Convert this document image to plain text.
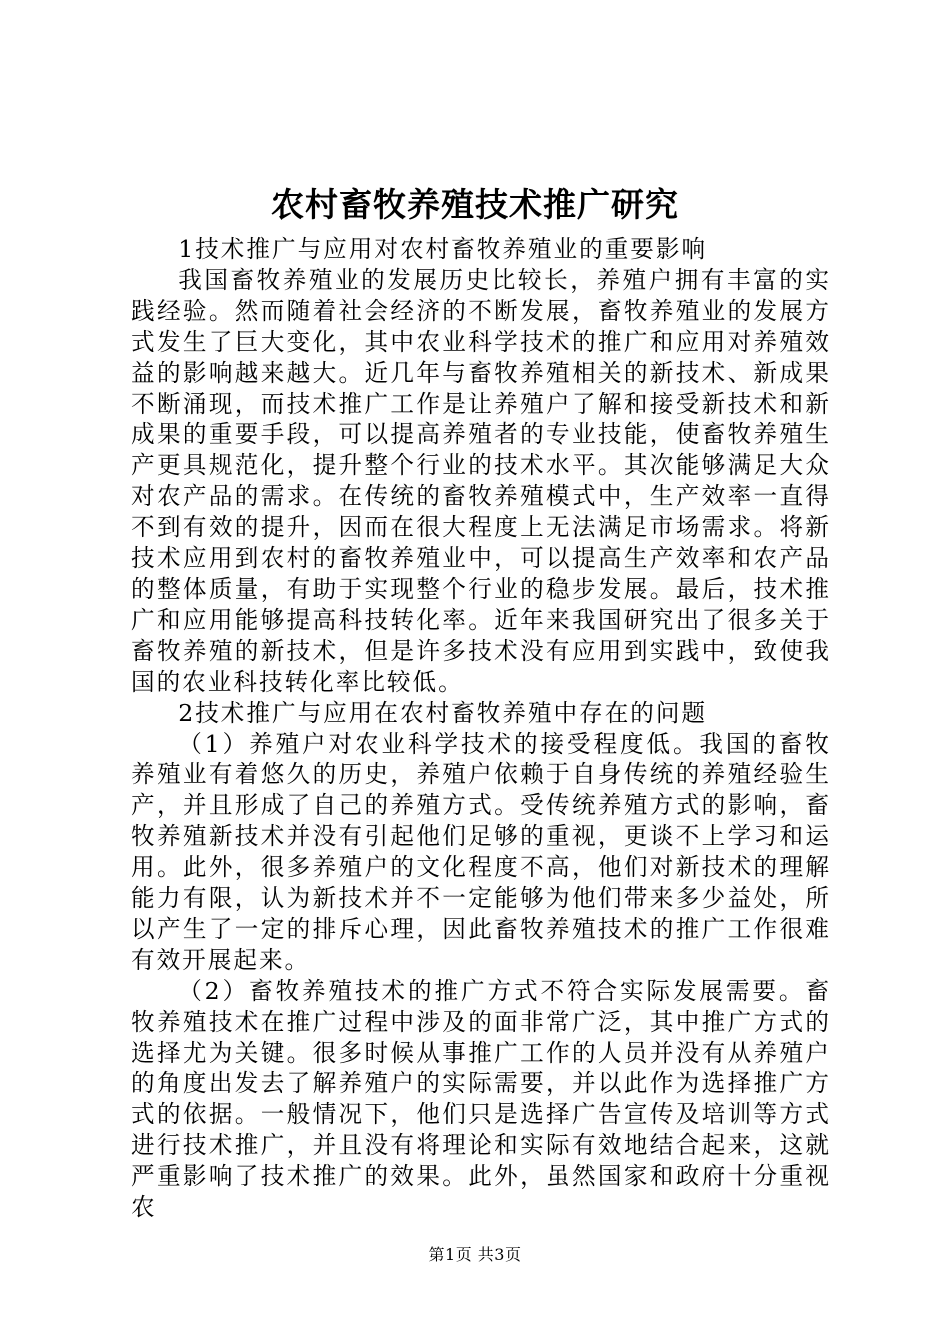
农村畜牧养殖技术推广研究

1技术推广与应用对农村畜牧养殖业的重要影响

我国畜牧养殖业的发展历史比较长，养殖户拥有丰富的实践经验。然而随着社会经济的不断发展，畜牧养殖业的发展方式发生了巨大变化，其中农业科学技术的推广和应用对养殖效益的影响越来越大。近几年与畜牧养殖相关的新技术、新成果不断涌现，而技术推广工作是让养殖户了解和接受新技术和新成果的重要手段，可以提高养殖者的专业技能，使畜牧养殖生产更具规范化，提升整个行业的技术水平。其次能够满足大众对农产品的需求。在传统的畜牧养殖模式中，生产效率一直得不到有效的提升，因而在很大程度上无法满足市场需求。将新技术应用到农村的畜牧养殖业中，可以提高生产效率和农产品的整体质量，有助于实现整个行业的稳步发展。最后，技术推广和应用能够提高科技转化率。近年来我国研究出了很多关于畜牧养殖的新技术，但是许多技术没有应用到实践中，致使我国的农业科技转化率比较低。

2技术推广与应用在农村畜牧养殖中存在的问题

（1）养殖户对农业科学技术的接受程度低。我国的畜牧养殖业有着悠久的历史，养殖户依赖于自身传统的养殖经验生产，并且形成了自己的养殖方式。受传统养殖方式的影响，畜牧养殖新技术并没有引起他们足够的重视，更谈不上学习和运用。此外，很多养殖户的文化程度不高，他们对新技术的理解能力有限，认为新技术并不一定能够为他们带来多少益处，所以产生了一定的排斥心理，因此畜牧养殖技术的推广工作很难有效开展起来。

（2）畜牧养殖技术的推广方式不符合实际发展需要。畜牧养殖技术在推广过程中涉及的面非常广泛，其中推广方式的选择尤为关键。很多时候从事推广工作的人员并没有从养殖户的角度出发去了解养殖户的实际需要，并以此作为选择推广方式的依据。一般情况下，他们只是选择广告宣传及培训等方式进行技术推广，并且没有将理论和实际有效地结合起来，这就严重影响了技术推广的效果。此外，虽然国家和政府十分重视农

第1页 共3页
